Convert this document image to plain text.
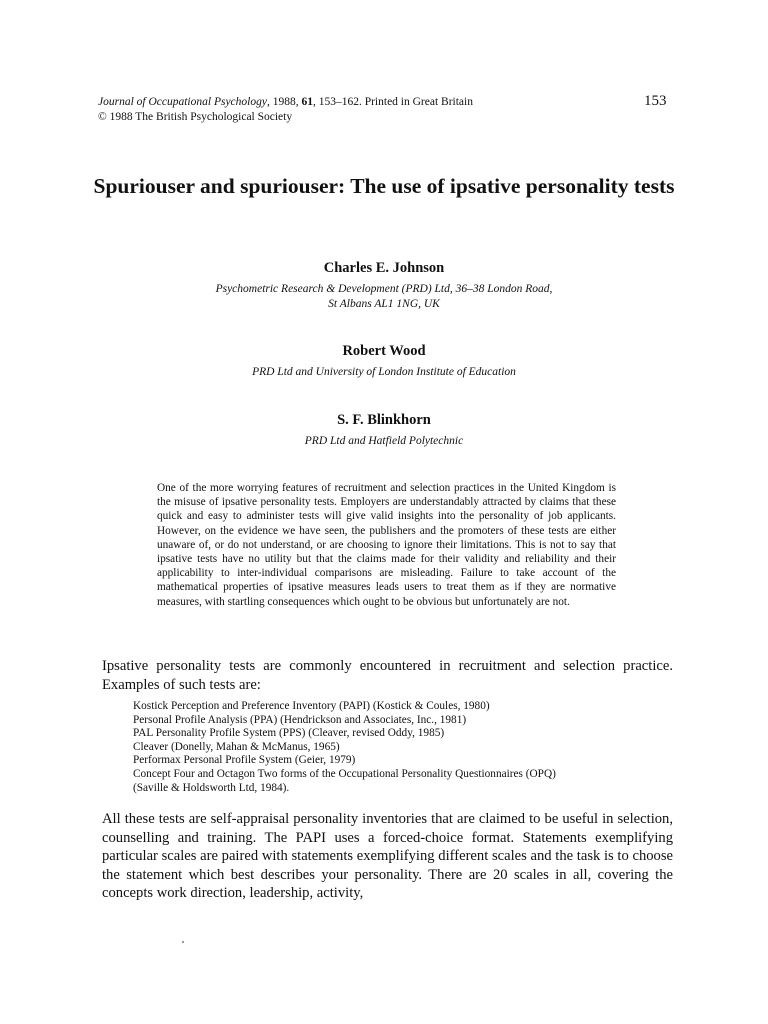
Journal of Occupational Psychology, 1988, 61, 153–162. Printed in Great Britain
© 1988 The British Psychological Society
153
Spuriouser and spuriouser: The use of ipsative personality tests
Charles E. Johnson
Psychometric Research & Development (PRD) Ltd, 36–38 London Road,
St Albans AL1 1NG, UK
Robert Wood
PRD Ltd and University of London Institute of Education
S. F. Blinkhorn
PRD Ltd and Hatfield Polytechnic

One of the more worrying features of recruitment and selection practices in the United Kingdom is the misuse of ipsative personality tests. Employers are understandably attracted by claims that these quick and easy to administer tests will give valid insights into the personality of job applicants. However, on the evidence we have seen, the publishers and the promoters of these tests are either unaware of, or do not understand, or are choosing to ignore their limitations. This is not to say that ipsative tests have no utility but that the claims made for their validity and reliability and their applicability to inter-individual comparisons are misleading. Failure to take account of the mathematical properties of ipsative measures leads users to treat them as if they are normative measures, with startling consequences which ought to be obvious but unfortunately are not.

Ipsative personality tests are commonly encountered in recruitment and selection practice. Examples of such tests are:

Kostick Perception and Preference Inventory (PAPI) (Kostick & Coules, 1980)
Personal Profile Analysis (PPA) (Hendrickson and Associates, Inc., 1981)
PAL Personality Profile System (PPS) (Cleaver, revised Oddy, 1985)
Cleaver (Donelly, Mahan & McManus, 1965)
Performax Personal Profile System (Geier, 1979)
Concept Four and Octagon Two forms of the Occupational Personality Questionnaires (OPQ)
(Saville & Holdsworth Ltd, 1984).

All these tests are self-appraisal personality inventories that are claimed to be useful in selection, counselling and training. The PAPI uses a forced-choice format. Statements exemplifying particular scales are paired with statements exemplifying different scales and the task is to choose the statement which best describes your personality. There are 20 scales in all, covering the concepts work direction, leadership, activity,
